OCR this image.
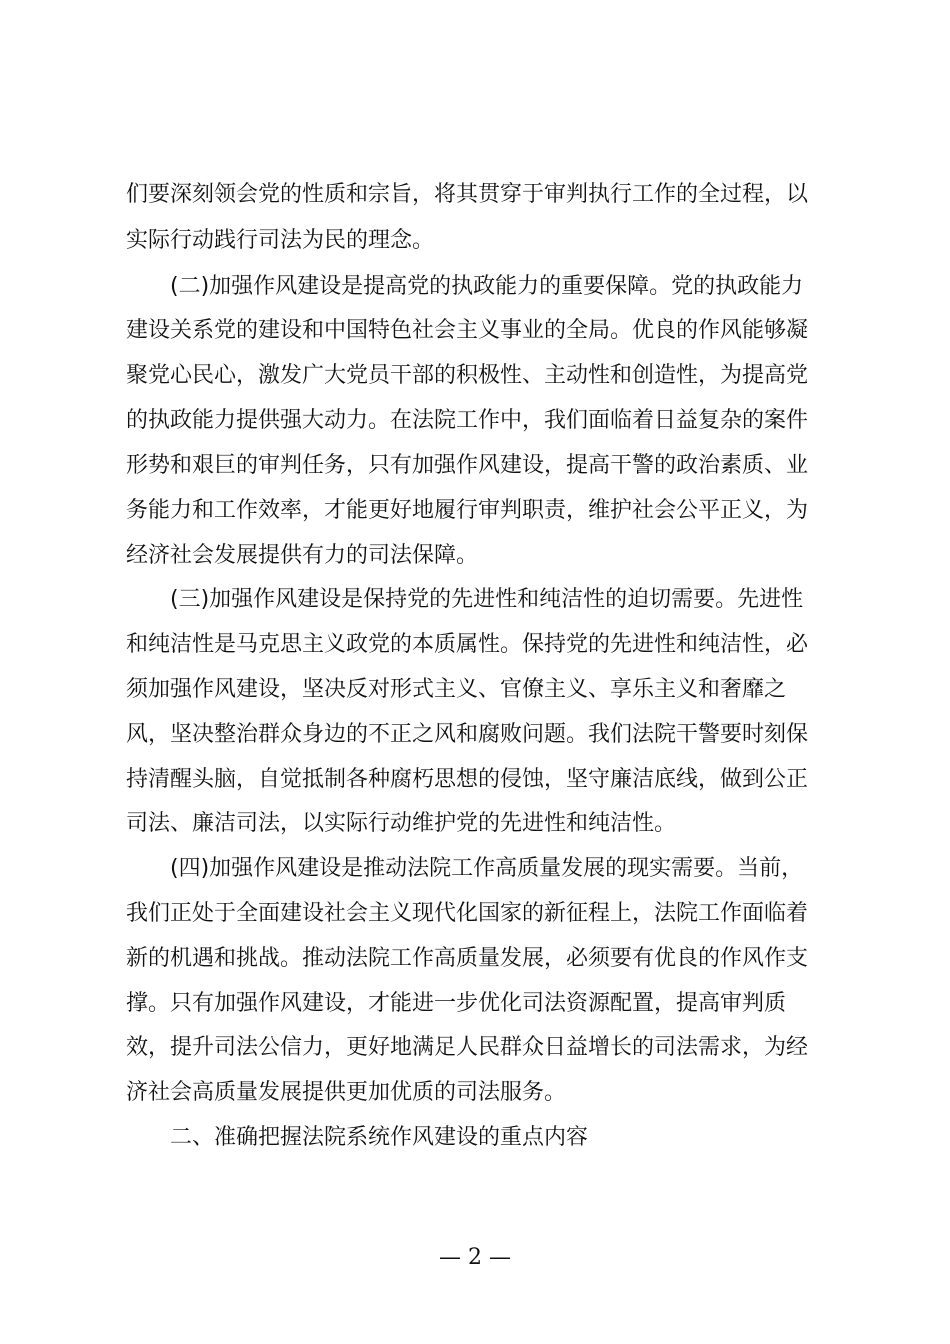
们要深刻领会党的性质和宗旨，将其贯穿于审判执行工作的全过程，以
实际行动践行司法为民的理念。
(二)加强作风建设是提高党的执政能力的重要保障。党的执政能力
建设关系党的建设和中国特色社会主义事业的全局。优良的作风能够凝
聚党心民心，激发广大党员干部的积极性、主动性和创造性，为提高党
的执政能力提供强大动力。在法院工作中，我们面临着日益复杂的案件
形势和艰巨的审判任务，只有加强作风建设，提高干警的政治素质、业
务能力和工作效率，才能更好地履行审判职责，维护社会公平正义，为
经济社会发展提供有力的司法保障。
(三)加强作风建设是保持党的先进性和纯洁性的迫切需要。先进性
和纯洁性是马克思主义政党的本质属性。保持党的先进性和纯洁性，必
须加强作风建设，坚决反对形式主义、官僚主义、享乐主义和奢靡之
风，坚决整治群众身边的不正之风和腐败问题。我们法院干警要时刻保
持清醒头脑，自觉抵制各种腐朽思想的侵蚀，坚守廉洁底线，做到公正
司法、廉洁司法，以实际行动维护党的先进性和纯洁性。
(四)加强作风建设是推动法院工作高质量发展的现实需要。当前，
我们正处于全面建设社会主义现代化国家的新征程上，法院工作面临着
新的机遇和挑战。推动法院工作高质量发展，必须要有优良的作风作支
撑。只有加强作风建设，才能进一步优化司法资源配置，提高审判质
效，提升司法公信力，更好地满足人民群众日益增长的司法需求，为经
济社会高质量发展提供更加优质的司法服务。
二、准确把握法院系统作风建设的重点内容
— 2 —
